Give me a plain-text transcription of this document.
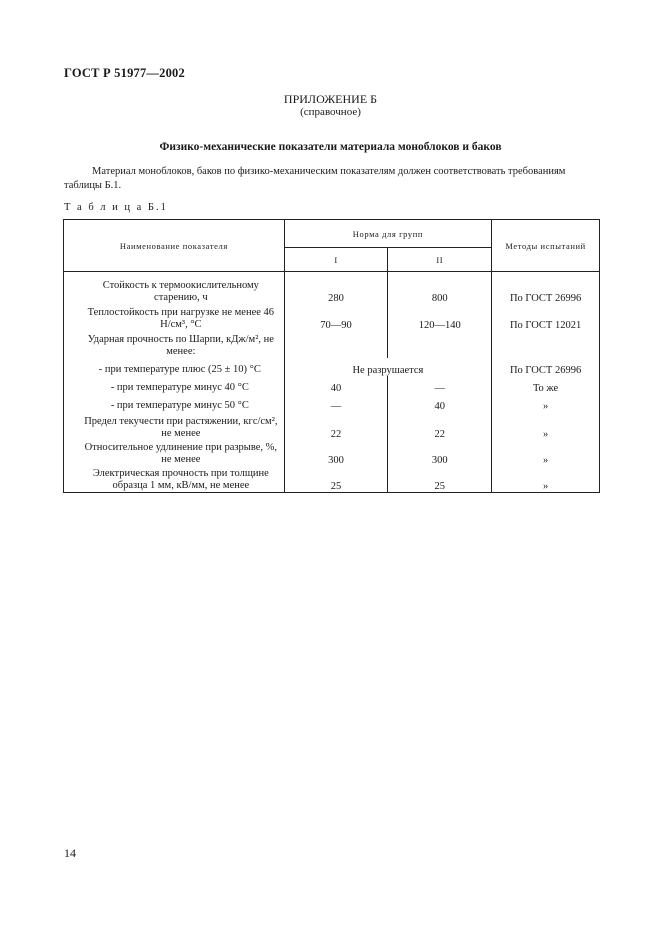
ГОСТ Р 51977—2002
ПРИЛОЖЕНИЕ Б
(справочное)
Физико-механические показатели материала моноблоков и баков
Материал моноблоков, баков по физико-механическим показателям должен соответствовать требованиям таблицы Б.1.
Т а б л и ц а Б.1
Наименование показателя	Норма для групп		Методы испытаний
	I	II	
Стойкость к термоокислительному старению, ч	280	800	По ГОСТ 26996
Теплостойкость при нагрузке не менее 46 Н/см³, °С	70—90	120—140	По ГОСТ 12021
Ударная прочность по Шарпи, кДж/м², не менее:			
- при температуре плюс (25 ± 10) °С	Не разрушается		По ГОСТ 26996
- при температуре минус 40 °С	40	—	То же
- при температуре минус 50 °С	—	40	»
Предел текучести при растяжении, кгс/см², не менее	22	22	»
Относительное удлинение при разрыве, %, не менее	300	300	»
Электрическая прочность при толщине образца 1 мм, кВ/мм, не менее	25	25	»
14
